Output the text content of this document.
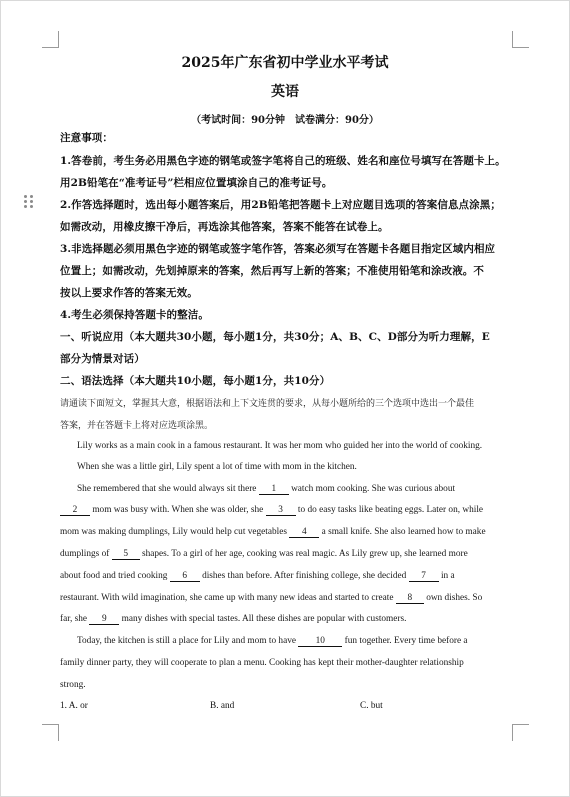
2025年广东省初中学业水平考试
英语
（考试时间：90分钟　试卷满分：90分）
注意事项：
1.答卷前，考生务必用黑色字迹的钢笔或签字笔将自己的班级、姓名和座位号填写在答题卡上。
用2B铅笔在“准考证号”栏相应位置填涂自己的准考证号。
2.作答选择题时，选出每小题答案后，用2B铅笔把答题卡上对应题目选项的答案信息点涂黑；
如需改动，用橡皮擦干净后，再选涂其他答案，答案不能答在试卷上。
3.非选择题必须用黑色字迹的钢笔或签字笔作答，答案必须写在答题卡各题目指定区域内相应
位置上；如需改动，先划掉原来的答案，然后再写上新的答案；不准使用铅笔和涂改液。不
按以上要求作答的答案无效。
4.考生必须保持答题卡的整洁。
一、听说应用（本大题共30小题，每小题1分，共30分；A、B、C、D部分为听力理解，E
部分为情景对话）
二、语法选择（本大题共10小题，每小题1分，共10分）
请通读下面短文，掌握其大意，根据语法和上下文连贯的要求，从每小题所给的三个选项中选出一个最佳
答案，并在答题卡上将对应选项涂黑。
Lily works as a main cook in a famous restaurant. It was her mom who guided her into the world of cooking.
When she was a little girl, Lily spent a lot of time with mom in the kitchen.
She remembered that she would always sit there 1 watch mom cooking. She was curious about
2 mom was busy with. When she was older, she 3 to do easy tasks like beating eggs. Later on, while
mom was making dumplings, Lily would help cut vegetables 4 a small knife. She also learned how to make
dumplings of 5 shapes. To a girl of her age, cooking was real magic. As Lily grew up, she learned more
about food and tried cooking 6 dishes than before. After finishing college, she decided 7 in a
restaurant. With wild imagination, she came up with many new ideas and started to create 8 own dishes. So
far, she 9 many dishes with special tastes. All these dishes are popular with customers.
Today, the kitchen is still a place for Lily and mom to have 10 fun together. Every time before a
family dinner party, they will cooperate to plan a menu. Cooking has kept their mother-daughter relationship
strong.
1. A. or	B. and	C. but
